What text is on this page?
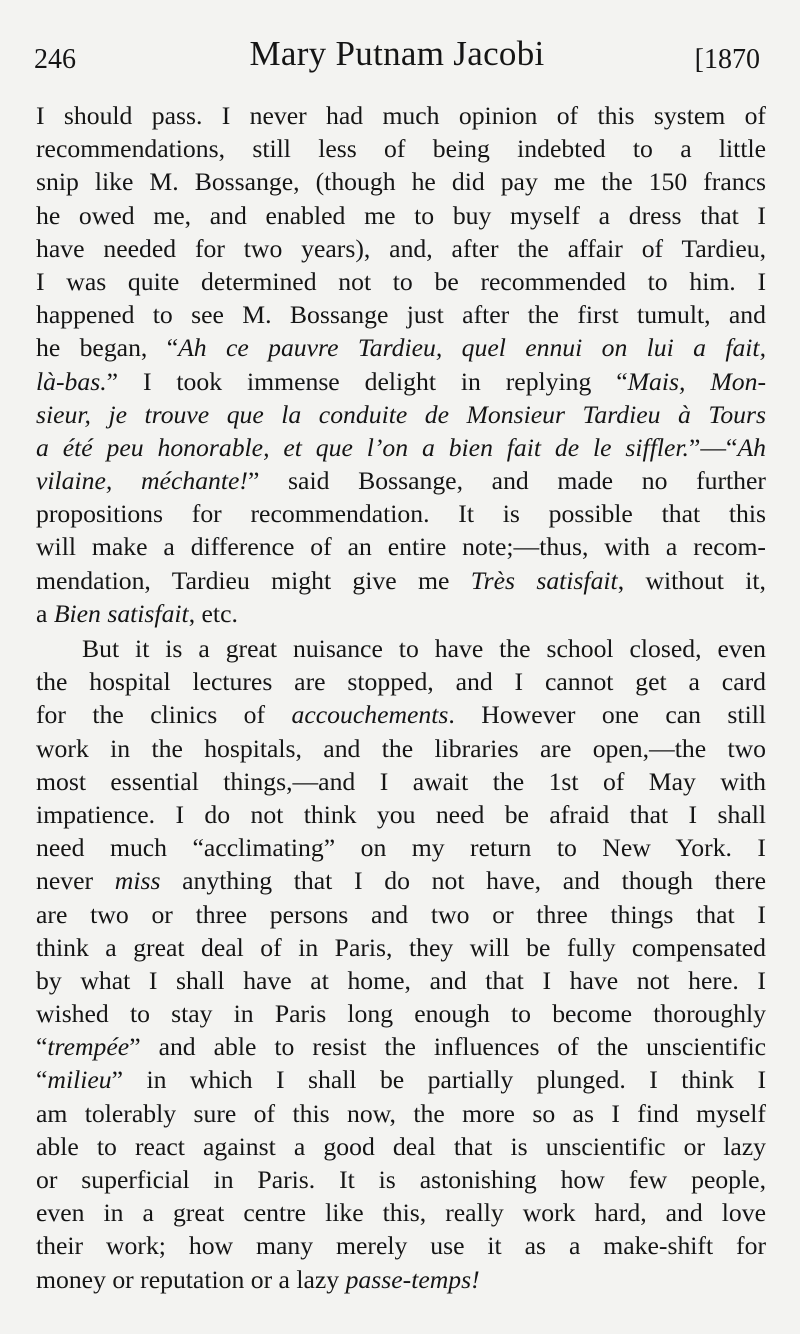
246	Mary Putnam Jacobi	[1870
I should pass. I never had much opinion of this system of
recommendations, still less of being indebted to a little
snip like M. Bossange, (though he did pay me the 150 francs
he owed me, and enabled me to buy myself a dress that I
have needed for two years), and, after the affair of Tardieu,
I was quite determined not to be recommended to him. I
happened to see M. Bossange just after the first tumult, and
he began, “Ah ce pauvre Tardieu, quel ennui on lui a fait,
là-bas.” I took immense delight in replying “Mais, Mon-
sieur, je trouve que la conduite de Monsieur Tardieu à Tours
a été peu honorable, et que l’on a bien fait de le siffler.”—“Ah
vilaine, méchante!” said Bossange, and made no further
propositions for recommendation. It is possible that this
will make a difference of an entire note;—thus, with a recom-
mendation, Tardieu might give me Très satisfait, without it,
a Bien satisfait, etc.
But it is a great nuisance to have the school closed, even
the hospital lectures are stopped, and I cannot get a card
for the clinics of accouchements. However one can still
work in the hospitals, and the libraries are open,—the two
most essential things,—and I await the 1st of May with
impatience. I do not think you need be afraid that I shall
need much “acclimating” on my return to New York. I
never miss anything that I do not have, and though there
are two or three persons and two or three things that I
think a great deal of in Paris, they will be fully compensated
by what I shall have at home, and that I have not here. I
wished to stay in Paris long enough to become thoroughly
“trempée” and able to resist the influences of the unscientific
“milieu” in which I shall be partially plunged. I think I
am tolerably sure of this now, the more so as I find myself
able to react against a good deal that is unscientific or lazy
or superficial in Paris. It is astonishing how few people,
even in a great centre like this, really work hard, and love
their work; how many merely use it as a make-shift for
money or reputation or a lazy passe-temps!
